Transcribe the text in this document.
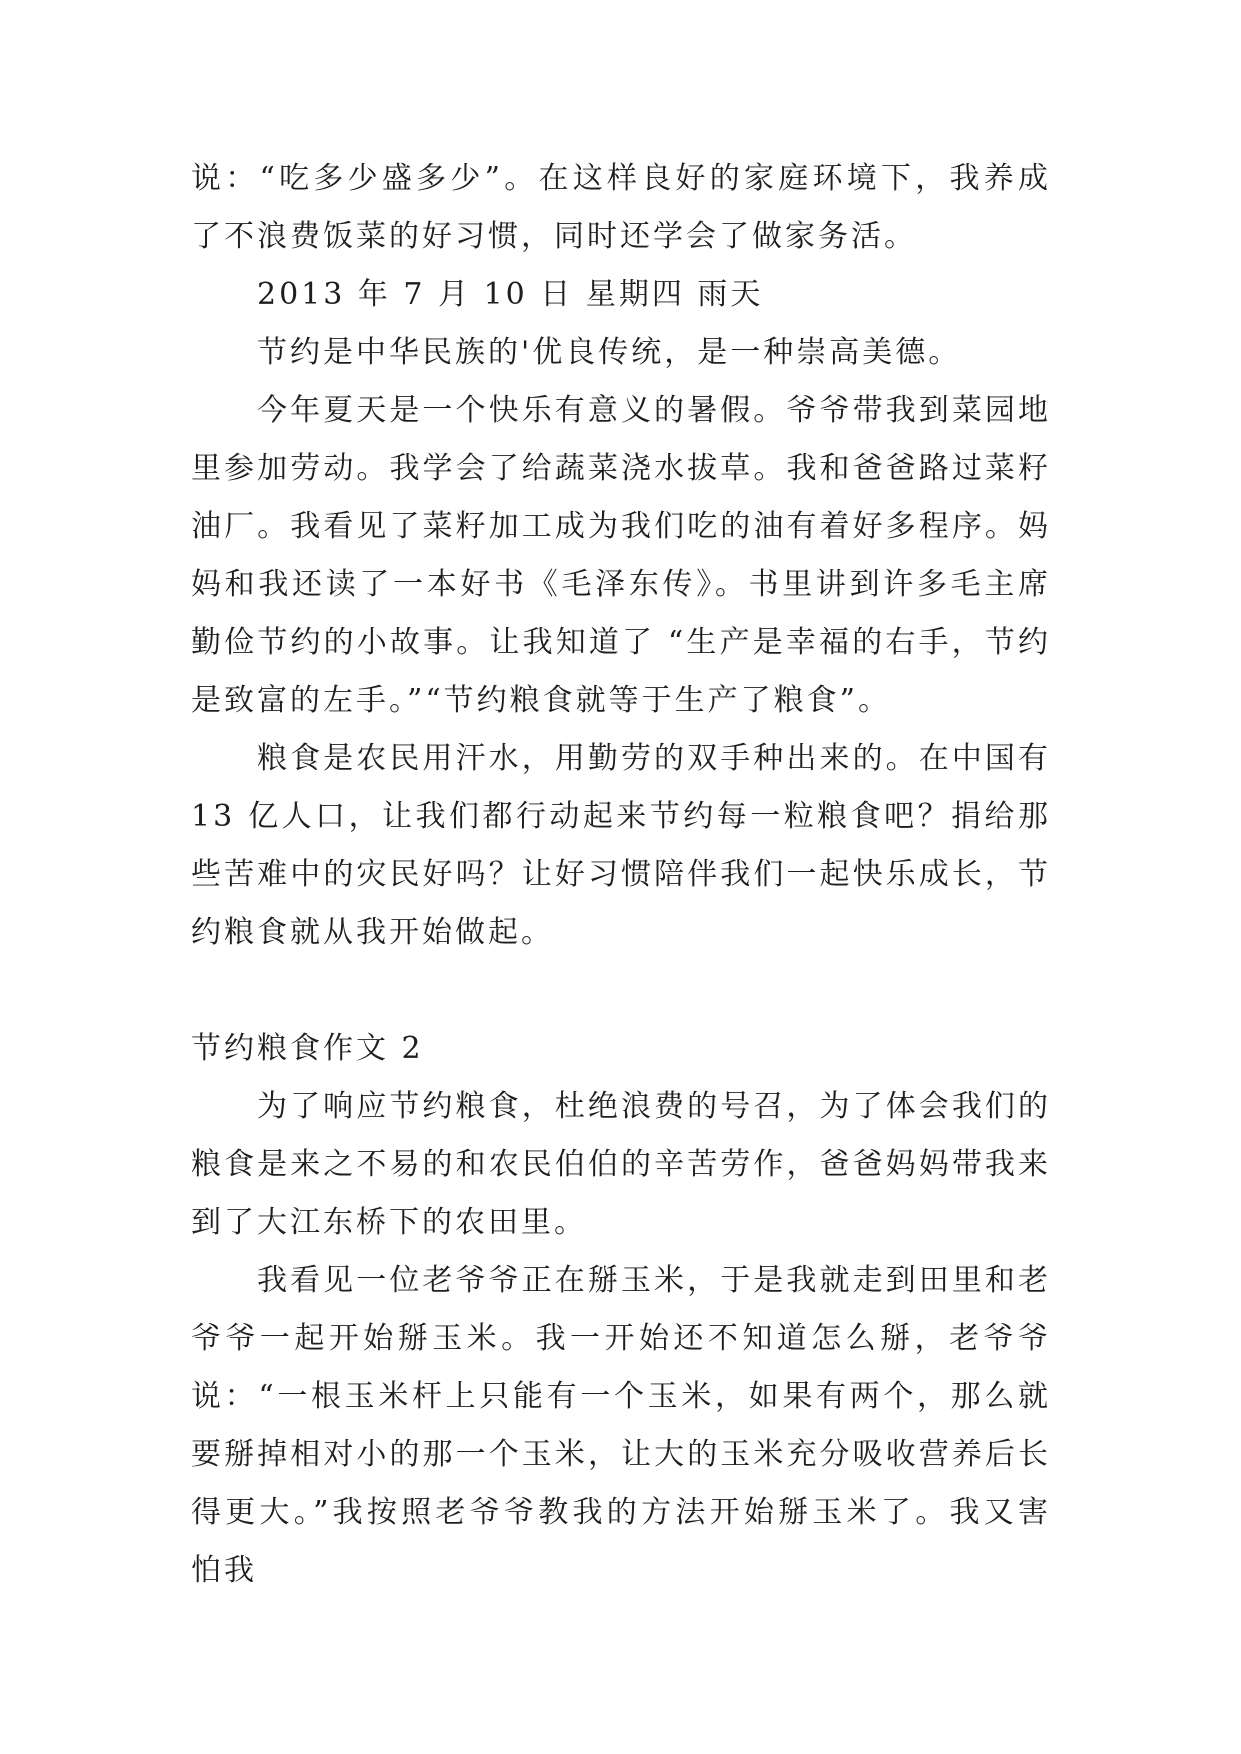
说：“吃多少盛多少”。在这样良好的家庭环境下，我养成了不浪费饭菜的好习惯，同时还学会了做家务活。

2013 年 7 月 10 日 星期四 雨天

节约是中华民族的'优良传统，是一种崇高美德。

今年夏天是一个快乐有意义的暑假。爷爷带我到菜园地里参加劳动。我学会了给蔬菜浇水拔草。我和爸爸路过菜籽油厂。我看见了菜籽加工成为我们吃的油有着好多程序。妈妈和我还读了一本好书《毛泽东传》。书里讲到许多毛主席勤俭节约的小故事。让我知道了 “生产是幸福的右手，节约是致富的左手。”“节约粮食就等于生产了粮食”。

粮食是农民用汗水，用勤劳的双手种出来的。在中国有 13 亿人口，让我们都行动起来节约每一粒粮食吧？捐给那些苦难中的灾民好吗？让好习惯陪伴我们一起快乐成长，节约粮食就从我开始做起。

节约粮食作文 2

为了响应节约粮食，杜绝浪费的号召，为了体会我们的粮食是来之不易的和农民伯伯的辛苦劳作，爸爸妈妈带我来到了大江东桥下的农田里。

我看见一位老爷爷正在掰玉米，于是我就走到田里和老爷爷一起开始掰玉米。我一开始还不知道怎么掰，老爷爷说：“一根玉米杆上只能有一个玉米，如果有两个，那么就要掰掉相对小的那一个玉米，让大的玉米充分吸收营养后长得更大。”我按照老爷爷教我的方法开始掰玉米了。我又害怕我
